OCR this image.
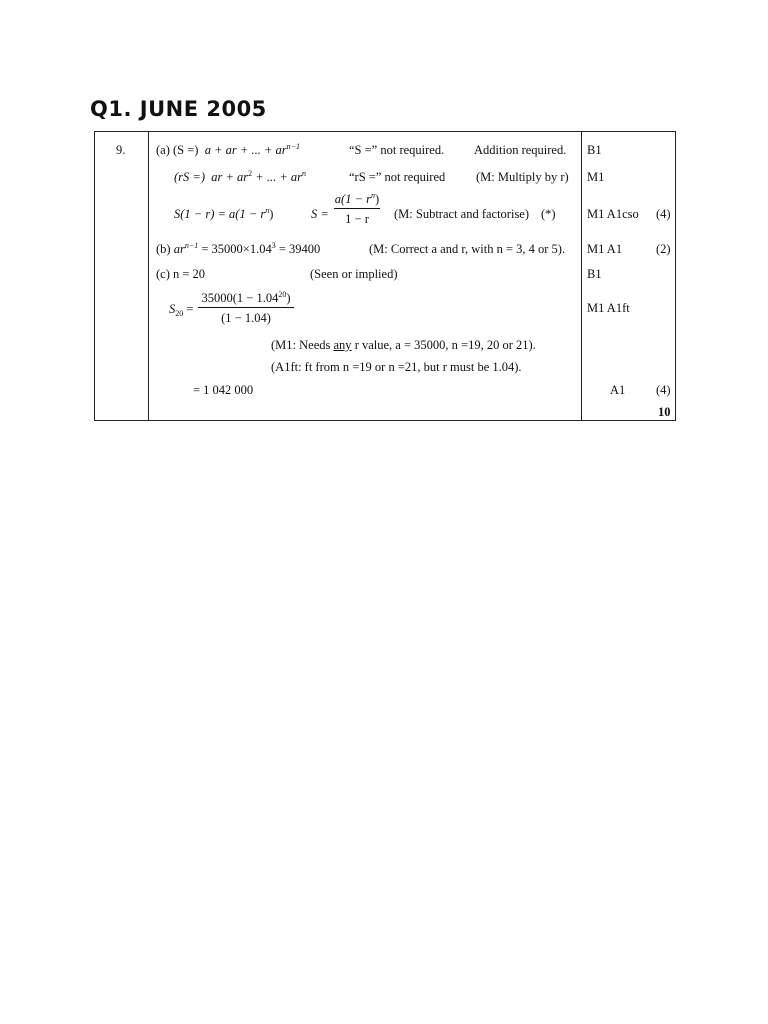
Q1. JUNE 2005
9. (a) (S =) a + ar + ... + $ar^{n-1}$	“S =” not required. Addition required. B1
(rS =) ar + $ar^2$ + ... + $ar^n$	“rS =” not required (M: Multiply by r) M1
$S(1 - r) = a(1 - r^n)$	S =
$a(1 - r^n)$
1 − r	(M: Subtract and factorise) (*)	M1 A1cso (4)
(b) $ar^{n-1} = 35000\times 1.04^3 = 39400$	(M: Correct a and r, with n = 3, 4 or 5). M1 A1	(2)
(c) n = 20	(Seen or implied)	B1
$S_{20}$ =
$35000(1 - 1.04^{20})$
(1 − 1.04)
M1 A1ft
(M1: Needs any r value, a = 35000, n =19, 20 or 21).
(A1ft: ft from n =19 or n =21, but r must be 1.04).
= 1 042 000	A1 (4)
10
